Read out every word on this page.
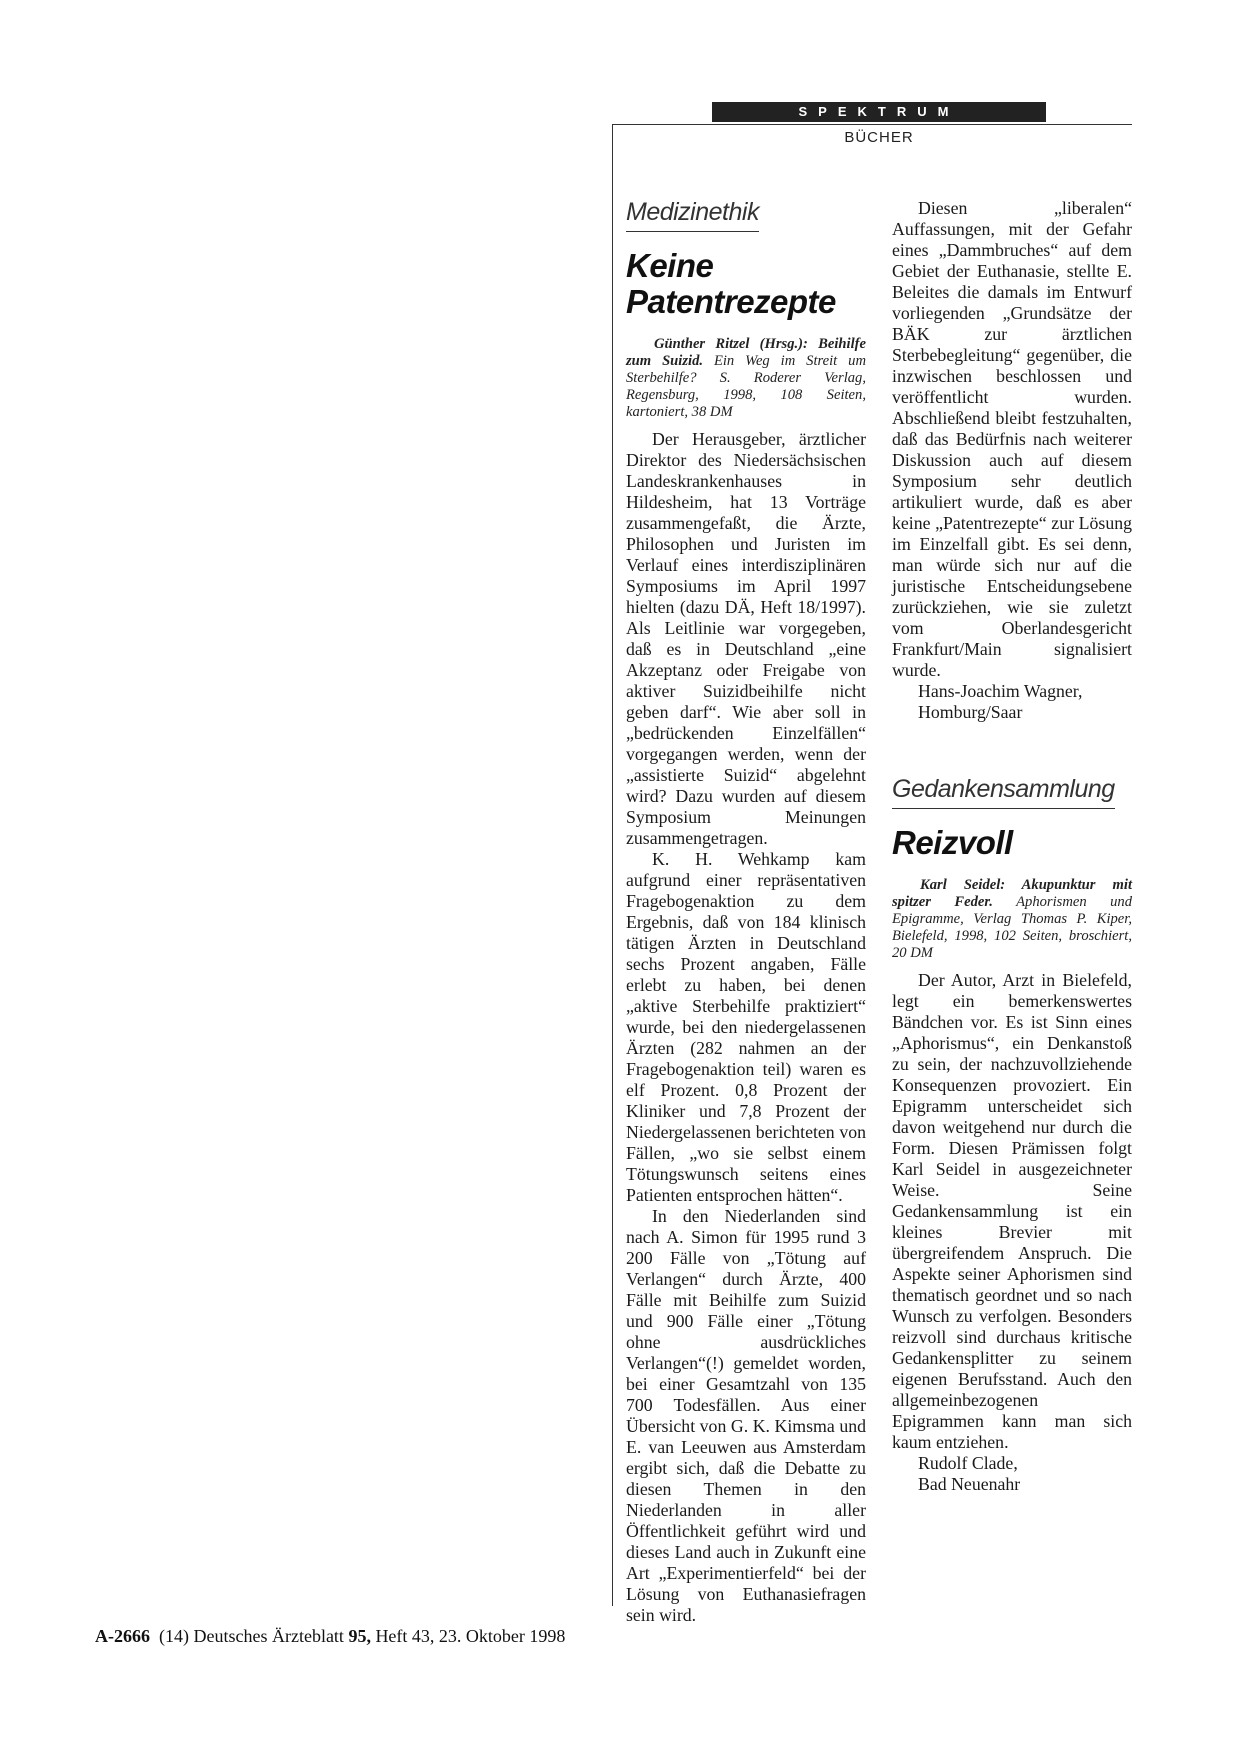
SPEKTRUM
BÜCHER
Medizinethik
Keine Patentrezepte

Günther Ritzel (Hrsg.): Beihilfe zum Suizid. Ein Weg im Streit um Sterbehilfe? S. Roderer Verlag, Regensburg, 1998, 108 Seiten, kartoniert, 38 DM

Der Herausgeber, ärztlicher Direktor des Niedersächsischen Landeskrankenhauses in Hildesheim, hat 13 Vorträge zusammengefaßt, die Ärzte, Philosophen und Juristen im Verlauf eines interdisziplinären Symposiums im April 1997 hielten (dazu DÄ, Heft 18/1997). Als Leitlinie war vorgegeben, daß es in Deutschland „eine Akzeptanz oder Freigabe von aktiver Suizidbeihilfe nicht geben darf“. Wie aber soll in „bedrückenden Einzelfällen“ vorgegangen werden, wenn der „assistierte Suizid“ abgelehnt wird? Dazu wurden auf diesem Symposium Meinungen zusammengetragen.

K. H. Wehkamp kam aufgrund einer repräsentativen Fragebogenaktion zu dem Ergebnis, daß von 184 klinisch tätigen Ärzten in Deutschland sechs Prozent angaben, Fälle erlebt zu haben, bei denen „aktive Sterbehilfe praktiziert“ wurde, bei den niedergelassenen Ärzten (282 nahmen an der Fragebogenaktion teil) waren es elf Prozent. 0,8 Prozent der Kliniker und 7,8 Prozent der Niedergelassenen berichteten von Fällen, „wo sie selbst einem Tötungswunsch seitens eines Patienten entsprochen hätten“.

In den Niederlanden sind nach A. Simon für 1995 rund 3 200 Fälle von „Tötung auf Verlangen“ durch Ärzte, 400 Fälle mit Beihilfe zum Suizid und 900 Fälle einer „Tötung ohne ausdrückliches Verlangen“(!) gemeldet worden, bei einer Gesamtzahl von 135 700 Todesfällen. Aus einer Übersicht von G. K. Kimsma und E. van Leeuwen aus Amsterdam ergibt sich, daß die Debatte zu diesen Themen in den Niederlanden in aller Öffentlichkeit geführt wird und dieses Land auch in Zukunft eine Art „Experimentierfeld“ bei der Lösung von Euthanasiefragen sein wird.

Diesen „liberalen“ Auffassungen, mit der Gefahr eines „Dammbruches“ auf dem Gebiet der Euthanasie, stellte E. Beleites die damals im Entwurf vorliegenden „Grundsätze der BÄK zur ärztlichen Sterbebegleitung“ gegenüber, die inzwischen beschlossen und veröffentlicht wurden. Abschließend bleibt festzuhalten, daß das Bedürfnis nach weiterer Diskussion auch auf diesem Symposium sehr deutlich artikuliert wurde, daß es aber keine „Patentrezepte“ zur Lösung im Einzelfall gibt. Es sei denn, man würde sich nur auf die juristische Entscheidungsebene zurückziehen, wie sie zuletzt vom Oberlandesgericht Frankfurt/Main signalisiert wurde.

Hans-Joachim Wagner,
Homburg/Saar
Gedankensammlung
Reizvoll

Karl Seidel: Akupunktur mit spitzer Feder. Aphorismen und Epigramme, Verlag Thomas P. Kiper, Bielefeld, 1998, 102 Seiten, broschiert, 20 DM

Der Autor, Arzt in Bielefeld, legt ein bemerkenswertes Bändchen vor. Es ist Sinn eines „Aphorismus“, ein Denkanstoß zu sein, der nachzuvollziehende Konsequenzen provoziert. Ein Epigramm unterscheidet sich davon weitgehend nur durch die Form. Diesen Prämissen folgt Karl Seidel in ausgezeichneter Weise. Seine Gedankensammlung ist ein kleines Brevier mit übergreifendem Anspruch. Die Aspekte seiner Aphorismen sind thematisch geordnet und so nach Wunsch zu verfolgen. Besonders reizvoll sind durchaus kritische Gedankensplitter zu seinem eigenen Berufsstand. Auch den allgemeinbezogenen Epigrammen kann man sich kaum entziehen.

Rudolf Clade,
Bad Neuenahr
A-2666 (14) Deutsches Ärzteblatt 95, Heft 43, 23. Oktober 1998
